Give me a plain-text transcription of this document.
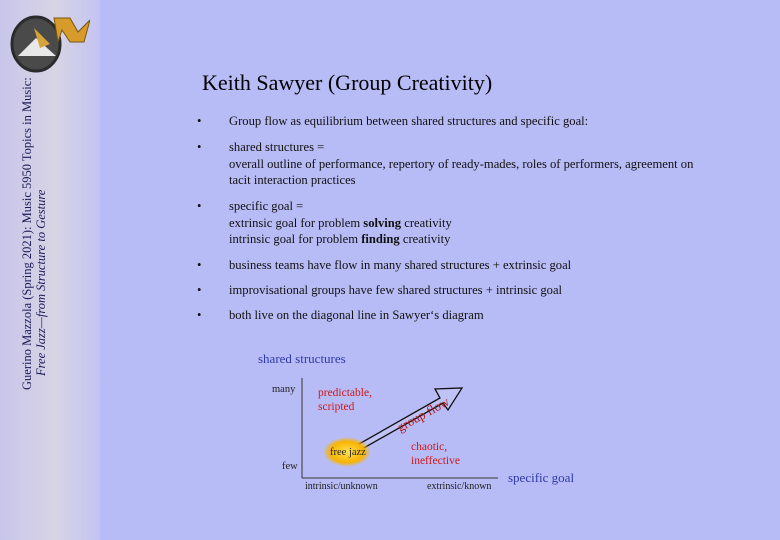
Guerino Mazzola (Spring 2021): Music 5950 Topics in Music: Free Jazz—from Structure to Gesture
Keith Sawyer (Group Creativity)
•	Group flow as equilibrium between shared structures and specific goal:
•	shared structures =
overall outline of performance, repertory of ready-mades, roles of performers, agreement on
tacit interaction practices
•	specific goal =
extrinsic goal for problem solving creativity
intrinsic goal for problem finding creativity
•	business teams have flow in many shared structures + extrinsic goal
•	improvisational groups have few shared structures + intrinsic goal
•	both live on the diagonal line in Sawyer‘s diagram
shared structures
specific goal
many
few
intrinsic/unknown	extrinsic/known
predictable,
scripted
chaotic,
ineffective
group flow
free jazz
